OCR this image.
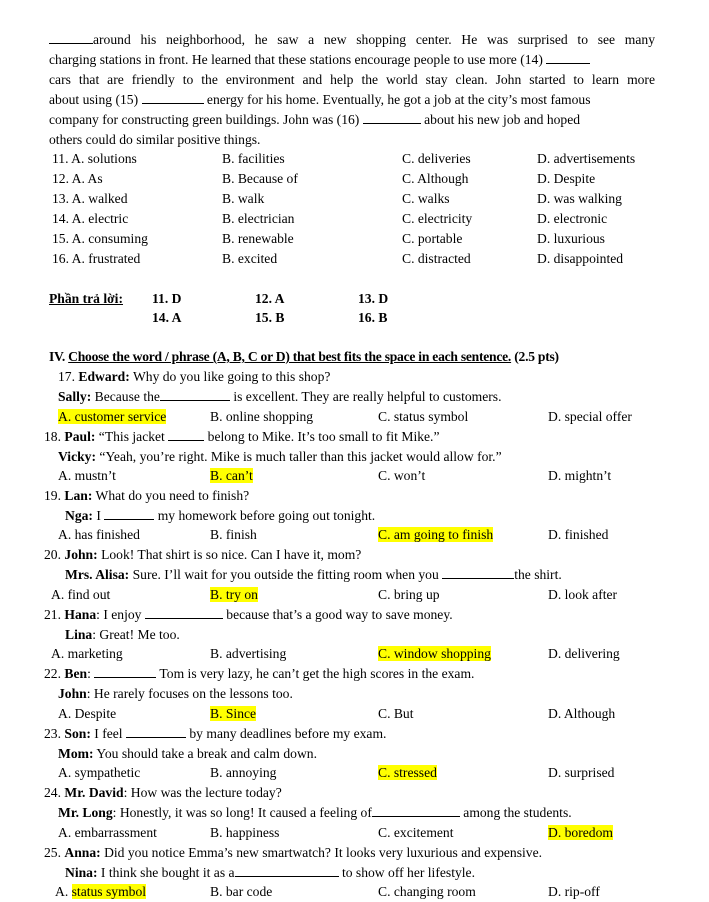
around his neighborhood, he saw a new shopping center. He was surprised to see many
charging stations in front. He learned that these stations encourage people to use more (14)
cars that are friendly to the environment and help the world stay clean. John started to learn more
about using (15)	energy for his home. Eventually, he got a job at the city’s most famous
company for constructing green buildings. John was (16)	about his new job and hoped
others could do similar positive things.
11. A. solutions	B. facilities	C. deliveries	D. advertisements
12. A. As	B. Because of	C. Although	D. Despite
13. A. walked	B. walk	C. walks	D. was walking
14. A. electric	B. electrician	C. electricity	D. electronic
15. A. consuming	B. renewable	C. portable	D. luxurious
16. A. frustrated	B. excited	C. distracted	D. disappointed
Phần trả lời: 11. D	12. A	13. D
14. A	15. B	16. B
IV. Choose the word / phrase (A, B, C or D) that best fits the space in each sentence. (2.5 pts)
17. Edward: Why do you like going to this shop?
Sally: Because the	is excellent. They are really helpful to customers.
A. customer service	B. online shopping	C. status symbol	D. special offer
18. Paul: “This jacket	belong to Mike. It’s too small to fit Mike.”
Vicky: “Yeah, you’re right. Mike is much taller than this jacket would allow for.”
A. mustn’t	B. can’t	C. won’t	D. mightn’t
19. Lan: What do you need to finish?
Nga: I	my homework before going out tonight.
A. has finished	B. finish	C. am going to finish	D. finished
20. John: Look! That shirt is so nice. Can I have it, mom?
Mrs. Alisa: Sure. I’ll wait for you outside the fitting room when you	the shirt.
A. find out	B. try on	C. bring up	D. look after
21. Hana: I enjoy	because that’s a good way to save money.
Lina: Great! Me too.
A. marketing	B. advertising	C. window shopping	D. delivering
22. Ben:	Tom is very lazy, he can’t get the high scores in the exam.
John: He rarely focuses on the lessons too.
A. Despite	B. Since	C. But	D. Although
23. Son: I feel	by many deadlines before my exam.
Mom: You should take a break and calm down.
A. sympathetic	B. annoying	C. stressed	D. surprised
24. Mr. David: How was the lecture today?
Mr. Long: Honestly, it was so long! It caused a feeling of	among the students.
A. embarrassment	B. happiness	C. excitement	D. boredom
25. Anna: Did you notice Emma’s new smartwatch? It looks very luxurious and expensive.
Nina: I think she bought it as a	to show off her lifestyle.
A. status symbol	B. bar code	C. changing room	D. rip-off
